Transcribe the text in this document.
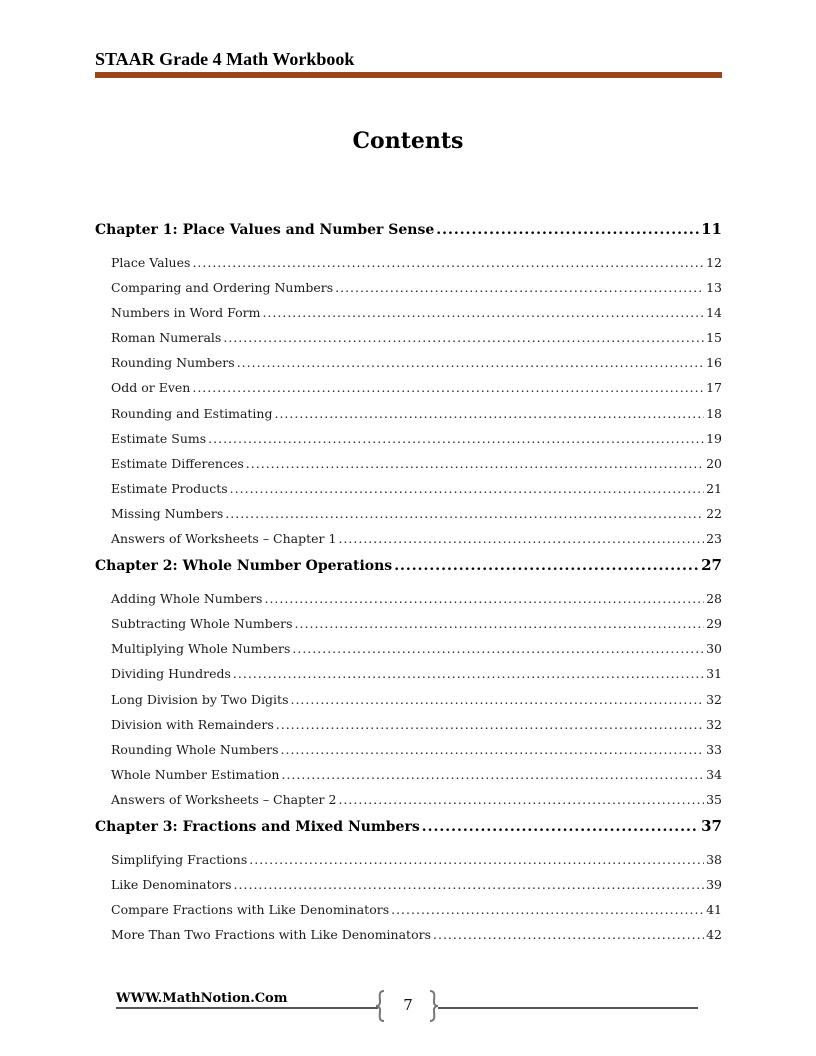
STAAR Grade 4 Math Workbook
Contents
Chapter 1: Place Values and Number Sense .....	11
Place Values .....	12
Comparing and Ordering Numbers .....	13
Numbers in Word Form .....	14
Roman Numerals .....	15
Rounding Numbers .....	16
Odd or Even .....	17
Rounding and Estimating .....	18
Estimate Sums .....	19
Estimate Differences .....	20
Estimate Products .....	21
Missing Numbers .....	22
Answers of Worksheets – Chapter 1 .....	23
Chapter 2: Whole Number Operations .....	27
Adding Whole Numbers .....	28
Subtracting Whole Numbers .....	29
Multiplying Whole Numbers .....	30
Dividing Hundreds .....	31
Long Division by Two Digits .....	32
Division with Remainders .....	32
Rounding Whole Numbers .....	33
Whole Number Estimation .....	34
Answers of Worksheets – Chapter 2 .....	35
Chapter 3: Fractions and Mixed Numbers .....	37
Simplifying Fractions .....	38
Like Denominators .....	39
Compare Fractions with Like Denominators .....	41
More Than Two Fractions with Like Denominators .....	42
WWW.MathNotion.Com	7
